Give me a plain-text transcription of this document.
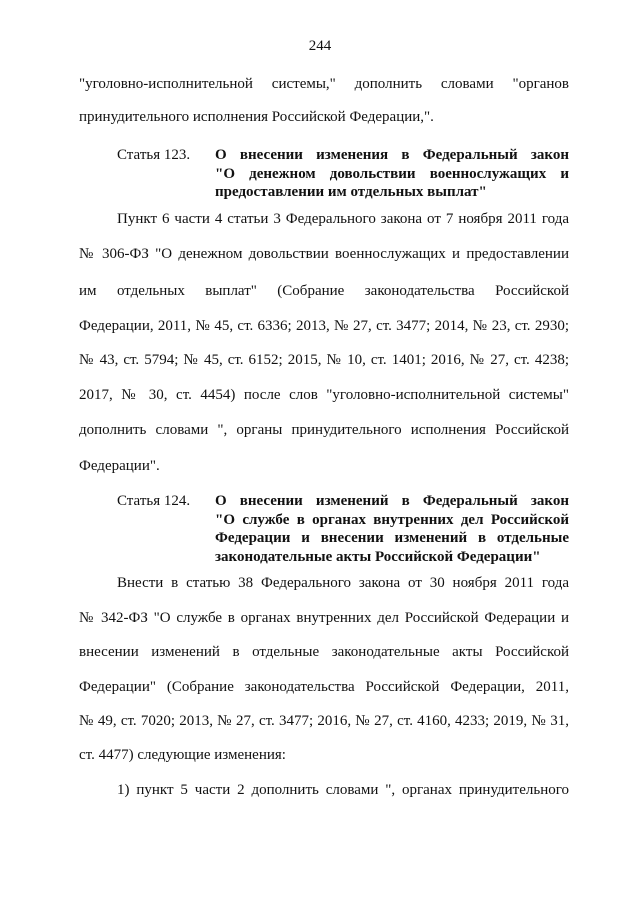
244
"уголовно-исполнительной системы," дополнить словами "органов
принудительного исполнения Российской Федерации,".
Статья 123. О внесении изменения в Федеральный закон
"О денежном довольствии военнослужащих и
предоставлении им отдельных выплат"
Пункт 6 части 4 статьи 3 Федерального закона от 7 ноября 2011 года
№ 306-ФЗ "О денежном довольствии военнослужащих и предоставлении
им отдельных выплат" (Собрание законодательства Российской
Федерации, 2011, № 45, ст. 6336; 2013, № 27, ст. 3477; 2014, № 23, ст. 2930;
№ 43, ст. 5794; № 45, ст. 6152; 2015, № 10, ст. 1401; 2016, № 27, ст. 4238;
2017, № 30, ст. 4454) после слов "уголовно-исполнительной системы"
дополнить словами ", органы принудительного исполнения Российской
Федерации".
Статья 124. О внесении изменений в Федеральный закон
"О службе в органах внутренних дел Российской
Федерации и внесении изменений в отдельные
законодательные акты Российской Федерации"
Внести в статью 38 Федерального закона от 30 ноября 2011 года
№ 342-ФЗ "О службе в органах внутренних дел Российской Федерации и
внесении изменений в отдельные законодательные акты Российской
Федерации" (Собрание законодательства Российской Федерации, 2011,
№ 49, ст. 7020; 2013, № 27, ст. 3477; 2016, № 27, ст. 4160, 4233; 2019, № 31,
ст. 4477) следующие изменения:
1) пункт 5 части 2 дополнить словами ", органах принудительного
